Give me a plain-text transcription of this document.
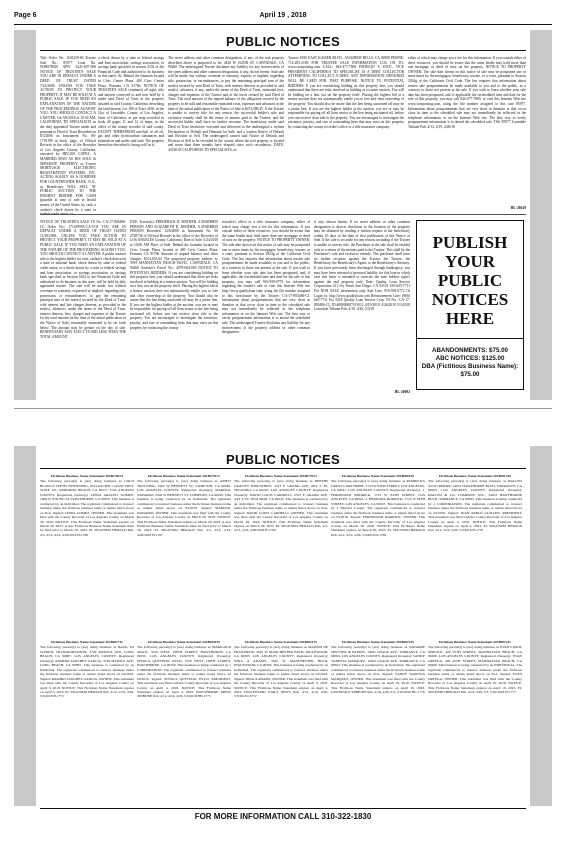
Page 6	April 19 , 2018
PUBLIC NOTICES
Title Order No. 1165239-60 Trustee Sale No.: 85977 Loan No. 9188078920 APN: 6121-007-008 NOTICE OF TRUSTEE'S SALE YOU ARE IN DEFAULT UNDER A DEED OF TRUST DATED 7/24/2006. UNLESS YOU TAKE ACTION TO PROTECT YOUR PROPERTY, IT MAY BE SOLD AT A PUBLIC SALE. IF YOU NEED AN EXPLANATION OF THE NATURE OF THE PROCEEDINGS AGAINST YOU, YOU SHOULD CONTACT A LAWYER. On 5/8/2018 at 10:30 AM, CALIFORNIA TD SPECIALISTS as the duly appointed Trustee under and pursuant to Deed of Trust Recorded on 8/3/2006 as Instrument No. 06-1719199 in book, page, of Official Records in the office of the Recorder of Los Angeles County, California, executed by HELIOS LOPEZ, A MARRIED MAN AS HIS SOLE & SEPARATE PROPERTY, as Trustor MORTGAGE ELECTRONIC REGISTRATION SYSTEMS, INC. ACTING SOLELY AS A NOMINEE FOR COUNTRYWIDE BANK, N.A., as Beneficiary WILL SELL AT PUBLIC AUCTION TO THE HIGHEST BIDDER FOR CASH (payable at time of sale in lawful money of the United States, by cash, a cashier's check drawn by a state or
a check drawn by a state or federal savings and loan association, savings association, or savings bank specified in section 5102 of the Financial Code and authorized to do business in this state). At: Behind the fountain located in Civic Center Plaza, 400 Civic Center Plaza, Pomona, CA 91766. NOTICE OF TRUSTEE'S SALE continued all right, title and interest conveyed to and now held by it under said Deed of Trust in the property situated in said County, California describing the land therein: Lot 100 of Tract 4166, in the City of Lawndale, County of Los Angeles, State of California, as per map recorded in book 40 pages 11 and 12 of maps, in the office of the county recorder of said county. EXCEPT THEREFROM one-half of all oil, gas and other hydrocarbon substances and minerals in and under said land. The property heretofore described is being sold 'as is'.
The street address and other common designation, if any, of the real property described above is purported to be: 4430 W 162ND ST, LAWNDALE, CA 90260. The undersigned Trustee disclaims any liability for any incorrectness of the street address and other common designation, if any, shown herein. Said sale will be made, but without covenant or warranty, express or implied, regarding title, possession, or encumbrances, to pay the remaining principal sum of the note(s) secured by said Deed of Trust, with interest thereon, as provided in said note(s), advances, if any, under the terms of the Deed of Trust, estimated fees, charges and expenses of the Trustee and of the trusts created by said Deed of Trust. The total amount of the unpaid balance of the obligation secured by the property to be sold and reasonable estimated costs, expenses and advances at the time of the initial publication of the Notice of Sale is $474,589.45. If the Trustee is unable to convey title for any reason, the successful bidder's sole and exclusive remedy shall be the return of monies paid to the Trustee, and the successful bidder shall have no further recourse. The beneficiary under said Deed of Trust heretofore executed and delivered to the undersigned a written Declaration of Default and Demand for Sale, and a written Notice of Default and Election to Sell. The undersigned caused said Notice of Default and Election of Sell to be recorded in the county where the real property is located and more than three months have elapsed since such recordation. DATE: 4/9/2018 CALIFORNIA TD SPECIALISTS, as
Trustee 8190 EAST KAISER BLVD., ANAHEIM HILLS, CA 92808 PHONE: 714-283-2180 FOR TRUSTEE SALE INFORMATION LOG ON TO: www.stoxposting.com CALL: 844-477-7869 PATRICIO S. INCE', VICE PRESIDENT CALIFORNIA TD SPECIALIST IS A DEBT COLLECTOR ATTEMPTING TO COLLECT A DEBT. ANY INFORMATION OBTAINED WILL BE USED FOR THAT PURPOSE. NOTICE TO POTENTIAL BIDDERS: If you are considering bidding on this property lien, you should understand that there are risks involved in bidding at a trustee auction. You will be bidding on a lien, not on the property itself. Placing the highest bid at a trustee auction does not automatically entitle you to free and clear ownership of the property. You should also be aware that the lien being auctioned off may be a junior lien. If you are the highest bidder at the auction, you are or may be responsible for paying off all liens senior to the lien being auctioned off, before you can receive clear title to the property. You are encouraged to investigate the existence, priority, and size of outstanding liens that may exist on this property by contacting the county recorder's office or a title insurance company,
either of which may charge you a fee for this information. If you consult either of these resources, you should be aware that the same lender may hold more than one mortgage or deed of trust on the property. NOTICE TO PROPERTY OWNER: The sale date shown on this notice of sale may be postponed one or more times by the mortgagee, beneficiary, trustee, or a court, pursuant to Section 2924g of the California Civil Code. The law requires that information about trustee sale postponements be made available to you and to the public, as a courtesy to those not present at the sale. If you wish to learn whether your sale date has been postponed, and, if applicable, the rescheduled time and date for the sale of this property, you may call 844-477-7869, or visit this Internet Web site www.stoxposting.com, using the file number assigned to this case 85977. Information about postponements that are very short in duration or that occur close in time to the scheduled sale may not immediately be reflected in the telephone information or on the Internet Web site. The best way to verify postponement information is to attend the scheduled sale. TS#: 85977 Lawndale Tribune Pub. 4/12, 4/19, 4/26/18
HL-26619
NOTICE OF TRUSTEE'S SALE TS No. CA-17-803486-CL Order No.: 171189993-CA-VOI YOU ARE IN DEFAULT UNDER A DEED OF TRUST DATED 11/30/2006. UNLESS YOU TAKE ACTION TO PROTECT YOUR PROPERTY, IT MAY BE SOLD AT A PUBLIC SALE. IF YOU NEED AN EXPLANATION OF THE NATURE OF THE PROCEEDING AGAINST YOU, YOU SHOULD CONTACT A LAWYER. A public auction sale to the highest bidder for cash, cashier's check drawn on a state or national bank, check drawn by state or federal credit union, or a check drawn by a state or federal savings and loan association, or savings association, or savings bank specified in Section 5102 to the Financial Code and authorized to do business in this state, will be held by duly appointed trustee. The sale will be made, but without covenant or warranty, expressed or implied, regarding title, possession, or encumbrances, to pay the remaining principal sum of the note(s) secured by the Deed of Trust, with interest and late charges thereon, as provided in the note(s), advances, under the terms of the Deed of Trust, interest thereon, fees, charges and expenses of the Trustee for the total amount (at the time of the initial publication of the Notice of Sale) reasonably estimated to be set forth below. The amount may be greater on the day of sale. BENEFICIARY MAY ELECT TO BID LESS THAN THE TOTAL AMOUNT
DUE. Trustor(s): FREDERICK D. MATHER, A MARRIED PERSON AND ELIZABETH D. MATHER, A MARRIED PERSON Recorded: 12/8/2006 as Instrument No. 06 2720736 of Official Records in the office of the Recorder of LOS ANGELES County, California; Date of Sale: 5/24/2018 at 10:00 AM Place of Sale: Behind the fountain located in Civic Center Plaza, located at 400 Civic Center Plaza, Pomona CA 91766 Amount of unpaid balance and other charges: $512,655.62 The purported property address is: 3919 MANHATTAN BEACH BLVD., LAWNDALE, CA 90260 Assessor's Parcel No.: 4079-004-005 NOTICE TO POTENTIAL BIDDERS: If you are considering bidding on this property lien, you should understand that there are risks involved in bidding at a trustee auction. You will be bidding on a lien, not on the property itself. Placing the highest bid at a trustee auction does not automatically entitle you to free and clear ownership of the property. You should also be aware that the lien being auctioned off may be a junior lien. If you are the highest bidder at the auction, you are or may be responsible for paying off all liens senior to the lien being auctioned off, before you can receive clear title to the property. You are encouraged to investigate the existence, priority, and size of outstanding liens that may exist on this property by contacting the county
recorder's office or a title insurance company, either of which may charge you a fee for this information. If you consult either of these resources, you should be aware that the same lender may hold more than one mortgage or deed of trust on the property. NOTICE TO PROPERTY OWNER: The sale date shown on this notice of sale may be postponed one or more times by the mortgagee, beneficiary, trustee, or a court, pursuant to Section 2924g of the California Civil Code. The law requires that information about trustee sale postponements be made available to you and to the public, as a courtesy to those not present at the sale. If you wish to learn whether your sale date has been postponed, and, if applicable, the rescheduled time and date for the sale of this property, you may call 916-939-0772 for information regarding the trustee's sale or visit this Internet Web site http://www.qualityloan.com, using the file number assigned to this foreclosure by the Trustee: CA-17-803486-CL Information about postponements that are very short in duration or that occur close in time to the scheduled sale may not immediately be reflected in the telephone information or on the Internet Web site. The best way to verify postponement information is to attend the scheduled sale. The undersigned Trustee disclaims any liability for any incorrectness of the property address or other common designation,
if any, shown herein. If no street address or other common designation is shown, directions to the location of the property may be obtained by sending a written request to the beneficiary within 10 days of the date of first publication of this Notice of Sale. If the sale is set aside for any reason, including if the Trustee is unable to convey title, the Purchaser at the sale shall be entitled only to a return of the monies paid to the Trustee. This shall be the Purchaser's sole and exclusive remedy. The purchaser shall have no further recourse against the Trustor, the Trustee, the Beneficiary, the Beneficiary's Agent, or the Beneficiary's Attorney. If you have previously been discharged through bankruptcy, you may have been released of personal liability for this loan in which case this letter is intended to exercise the note holders right's against the real property only. Date: Quality Loan Service Corporation 411 Ivy Street San Diego, CA 92101 619-645-7711 For NON SALE information only Sale Line: 916-939-0772 Or Login to: http://www.qualityloan.com Reinstatement Line: (866) 645-7711 Ext 5318 Quality Loan Service Corp. TS No.: CA-17-803486-CL ID.#00000007415012 4/19/2018 4/26/2018 5/3/2018 Lawndale Tribune Pub. 4/19, 4/26, 5/3/18
HL-26692
PUBLISH YOUR PUBLIC NOTICES HERE
ABANDONMENTS: $75.00
ABC NOTICES: $125.00
DBA (Fictitious Business Name): $75.00
PUBLIC NOTICES
Fictitious Business Name Statement 2018078674
The following person(s) is (are) doing business as COCO BLANCO TEETH WHITENING, 8514 PACIFIC COAST HWY, SUITE 101, REDONDO BEACH, CA 90277. LOS ANGELES COUNTY. Registered Owner(s): LINDA ARACELI GOMEZ, 1009 W YOUNG ST, HAWTHORNE, CA 90250. This business is conducted by an Individual. The registrant commenced to transact business under the fictitious business name or names listed above on N/A. Signed: LINDA GOMEZ, OWNER. This statement was filed with the County Recorder of Los Angeles County on March 29, 2018. NOTICE: This Fictitious Name Statement expires on March 29, 2023. A new Fictitious Business Name Statement must be filed prior to March 29, 2023. EL SEGUNDO HERALD Pub. 4/5, 4/12, 4/19, 4/26/2018 H-1766
Fictitious Business Name Statement 2018079171
The following person(s) is (are) doing business as AMETI TRUCKING, 2502 W BENNETT ST, COMPTON, CA 90220. LOS ANGELES COUNTY. Registered Owner(s): MARISOL NAVARRO, 2502 W BENNETT ST, COMPTON, CA 90220. This business is being conducted by an Individual. The registrant commenced to transact business under the fictitious business name or names listed above on 03/2018. Signed: MARISOL NAVARRO, OWNER. This statement was filed with the County Recorder of Los Angeles County on March 29, 2018. NOTICE: This Fictitious Name Statement expires on March 29, 2023. A new Fictitious Business Name Statement must be filed prior to March 29, 2023. EL SEGUNDO HERALD Pub. 4/5, 4/12, 4/19, 4/26/2018 H-1767
Fictitious Business Name Statement 2018079172
The following person(s) is (are) doing business as DEPTHS GRAVITY INDUSTRIES, 2313 E GRAND AVE, APT 3, EL SEGUNDO, CA 90245. LOS ANGELES COUNTY. Registered Owner(s): DAVID LOUIS CARDELLI, 2313 E GRAND AVE, APT 3, EL SEGUNDO, CA 90245. This business is conducted by an Individual. The registrant commenced to transact business under the fictitious business name or names listed above on N/A. Signed: DAVID LOUIS CARDELLI, OWNER. This statement was filed with the County Recorder of Los Angeles County on March 29, 2018. NOTICE: This Fictitious Name Statement expires on March 29, 2023. EL SEGUNDO HERALD Pub. 4/5, 4/12, 4/19, 4/26/2018 H-1768
Fictitious Business Name Statement 2018080150
The following person(s) is (are) doing business as RODRICK'S GREAT CARE HOME, 1725 W 84TH STREET, LOS ANGELES, CA 90047. LOS ANGELES COUNTY. Registered Owner(s): 1. FERDINAND RODRICK, 1725 W 84TH STREET, LOS ANGELES, CA 90047. 2. BERNADA RODRICK, 1725 W 84TH STREET, LOS ANGELES, CA 90047. This business is conducted by a Married Couple. The registrant commenced to transact business under the fictitious business name or names listed above on 03/2018. Signed: FERDINAND RODRICK, OWNER. This statement was filed with the County Recorder of Los Angeles County on March 30, 2018. NOTICE: This Fictitious Name Statement expires on March 30, 2023. EL SEGUNDO HERALD Pub. 4/12, 4/19, 4/26, 5/3/2018 H-1769
Fictitious Business Name Statement 2018081230
The following person(s) is (are) doing business as HALLEO AUTO REPAIR, 24651 HAWTHORNE BLVD, TORRANCE, CA 90505. LOS ANGELES COUNTY. Registered Owner(s): HALLEO & CO. COMPANY, INC., 24651 HAWTHORNE BLVD, TORRANCE, CA 90505. This business is being conducted by a CORPORATION. The registrant commenced to transact business under the fictitious business name or names listed above on 03/2018. Signed: JUAN PABLO GUILLEN, PRESIDENT. This statement was filed with the County Recorder of Los Angeles County on April 2, 2018. NOTICE: This Fictitious Name Statement expires on April 2, 2023. EL SEGUNDO HERALD Pub. 4/12, 4/19, 4/26, 5/3/2018 H-1770
Fictitious Business Name Statement 2018081711
The following person(s) is (are) doing business as BACK TO SCHOOL TRANSPORTATION, 3729 MYRTLE AVE, LONG BEACH, CA 90807. LOS ANGELES COUNTY. Registered Owner(s): RAMIRO SANCHEZ GARCIA, 3729 MYRTLE AVE, LONG BEACH, CA 90807. This business is conducted by an Individual. The registrant commenced to transact business under the fictitious business name or names listed above on 04/2018. Signed: RAMIRO SANCHEZ GARCIA, OWNER. This statement was filed with the County Recorder of Los Angeles County on April 3, 2018. NOTICE: This Fictitious Name Statement expires on April 3, 2023. EL SEGUNDO HERALD Pub. 4/12, 4/19, 4/26, 5/3/2018 H-1771
Fictitious Business Name Statement 2018083015
The following person(s) is (are) doing business as MARIGOLD SPACE, 3729 WEST 138TH STREET, HAWTHORNE, CA 90250. LOS ANGELES COUNTY. Registered Owner(s): JESSICA QUEVEDO, PSY.D, 3729 WEST 138TH STREET, HAWTHORNE, CA 90250. This business is being conducted by a CORPORATION. The registrant commenced to transact business under the fictitious business name or names listed above on 04/2018. Signed: JESSICA QUEVEDO, PSY.D, PRESIDENT. This statement was filed with the County Recorder of Los Angeles County on April 4, 2018. NOTICE: This Fictitious Name Statement expires on April 4, 2023. HAWTHORNE PRESS TRIBUNE Pub. 4/12, 4/19, 4/26, 5/3/2018 HH-1775
Fictitious Business Name Statement 2018083179
The following person(s) is (are) doing business as MAISON DE FRAICHEUR, 3545 W MANCHESTER BLVD, INGLEWOOD, CA 90305. LOS ANGELES COUNTY. Registered Owner(s): NINA A ADAMS, 3545 W MANCHESTER BLVD, INGLEWOOD, CA 90305. This business is being conducted by an Individual. The registrant commenced to transact business under the fictitious business name or names listed above on 04/2018. Signed: NINA A ADAMS, OWNER. This statement was filed with the County Recorder of Los Angeles County on April 4, 2018. NOTICE: This Fictitious Name Statement expires on April 4, 2023. INGLEWOOD DAILY NEWS Pub. 4/12, 4/19, 4/26, 5/3/2018 I-3772
Fictitious Business Name Statement 2018087235
The following person(s) is (are) doing business as NAVARRE SHUTTER & BLINDS, 16931 OSAGE AVE, TORRANCE, CA 90504. LOS ANGELES COUNTY. Registered Owner(s): SANDY VANESSA MARQUEZ, 16931 OSAGE AVE, TORRANCE, CA 90504. This business is conducted by an Individual. The registrant commenced to transact business under the fictitious business name or names listed above on N/A. Signed: SANDY VANESSA MARQUEZ, OWNER. This statement was filed with the County Recorder of Los Angeles County on April 10, 2018. NOTICE: This Fictitious Name Statement expires on April 10, 2023. LAWNDALE TRIBUNE Pub. 4/19, 4/26, 5/3, 5/10/2018 HL-1776
Fictitious Business Name Statement 2018087241
The following person(s) is (are) doing business as EVAN'S POOL SERVICE, 429 25TH STREET, MANHATTAN BEACH, CA 90266. LOS ANGELES COUNTY. Registered Owner(s): EVAN ORTEGA, 429 25TH STREET, MANHATTAN BEACH, CA 90266. This business is being conducted by an INDIVIDUAL. The registrant commenced to transact business under the fictitious business name or names listed above on N/A. Signed: EVAN ORTEGA, OWNER. This statement was filed with the County Recorder of Los Angeles County on April 10, 2018. NOTICE: This Fictitious Name Statement expires on April 10, 2023. EL SEGUNDO HERALD Pub. 4/19, 4/26, 5/3, 5/10/2018 H-1777
FOR MORE INFORMATION CALL 310-322-1830
